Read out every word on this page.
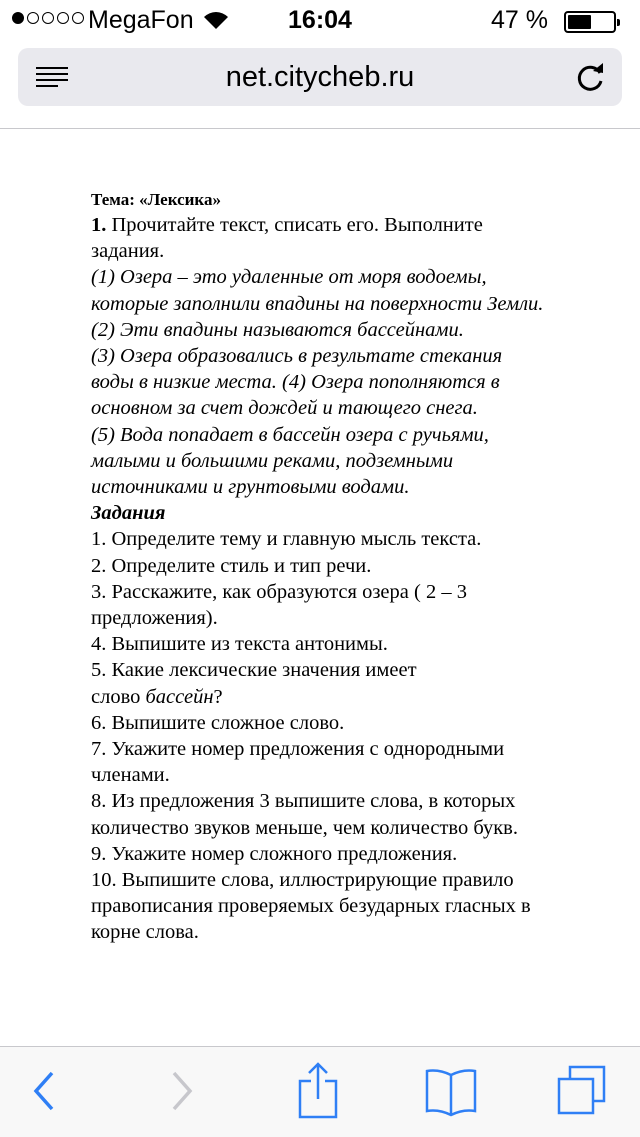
MegaFon	16:04	47 %
net.citycheb.ru
Тема: «Лексика»
1. Прочитайте текст, списать его. Выполните
задания.
(1) Озера – это удаленные от моря водоемы,
которые заполнили впадины на поверхности Земли.
(2) Эти впадины называются бассейнами.
(3) Озера образовались в результате стекания
воды в низкие места. (4) Озера пополняются в
основном за счет дождей и тающего снега.
(5) Вода попадает в бассейн озера с ручьями,
малыми и большими реками, подземными
источниками и грунтовыми водами.
Задания
1. Определите тему и главную мысль текста.
2. Определите стиль и тип речи.
3. Расскажите, как образуются озера ( 2 – 3
предложения).
4. Выпишите из текста антонимы.
5. Какие лексические значения имеет
слово бассейн?
6. Выпишите сложное слово.
7. Укажите номер предложения с однородными
членами.
8. Из предложения 3 выпишите слова, в которых
количество звуков меньше, чем количество букв.
9. Укажите номер сложного предложения.
10. Выпишите слова, иллюстрирующие правило
правописания проверяемых безударных гласных в
корне слова.
